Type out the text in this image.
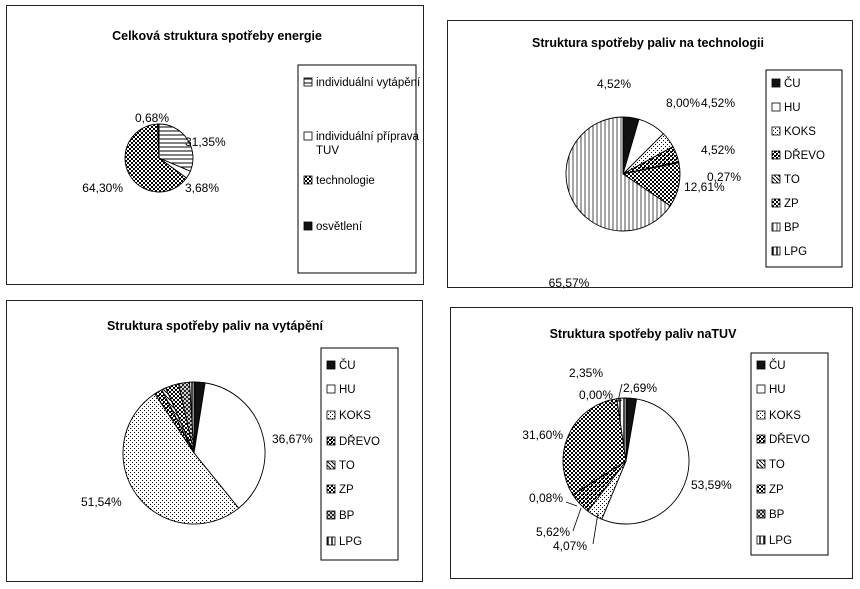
Celková struktura spotřeby energie
31,35%
3,68%
64,30%
0,68%
individuální vytápění
individuální příprava
TUV
technologie
osvětlení
Struktura spotřeby paliv na technologii
4,52%
8,00%
4,52%
4,52%
0,27%
12,61%
65,57%
ČU
HU
KOKS
DŘEVO
TO
ZP
BP
LPG
Struktura spotřeby paliv na vytápění
36,67%
51,54%
ČU
HU
KOKS
DŘEVO
TO
ZP
BP
LPG
Struktura spotřeby paliv naTUV
2,69%
53,59%
4,07%
5,62%
0,08%
31,60%
0,00%
2,35%	ČU
HU
KOKS
DŘEVO
TO
ZP
BP
LPG
